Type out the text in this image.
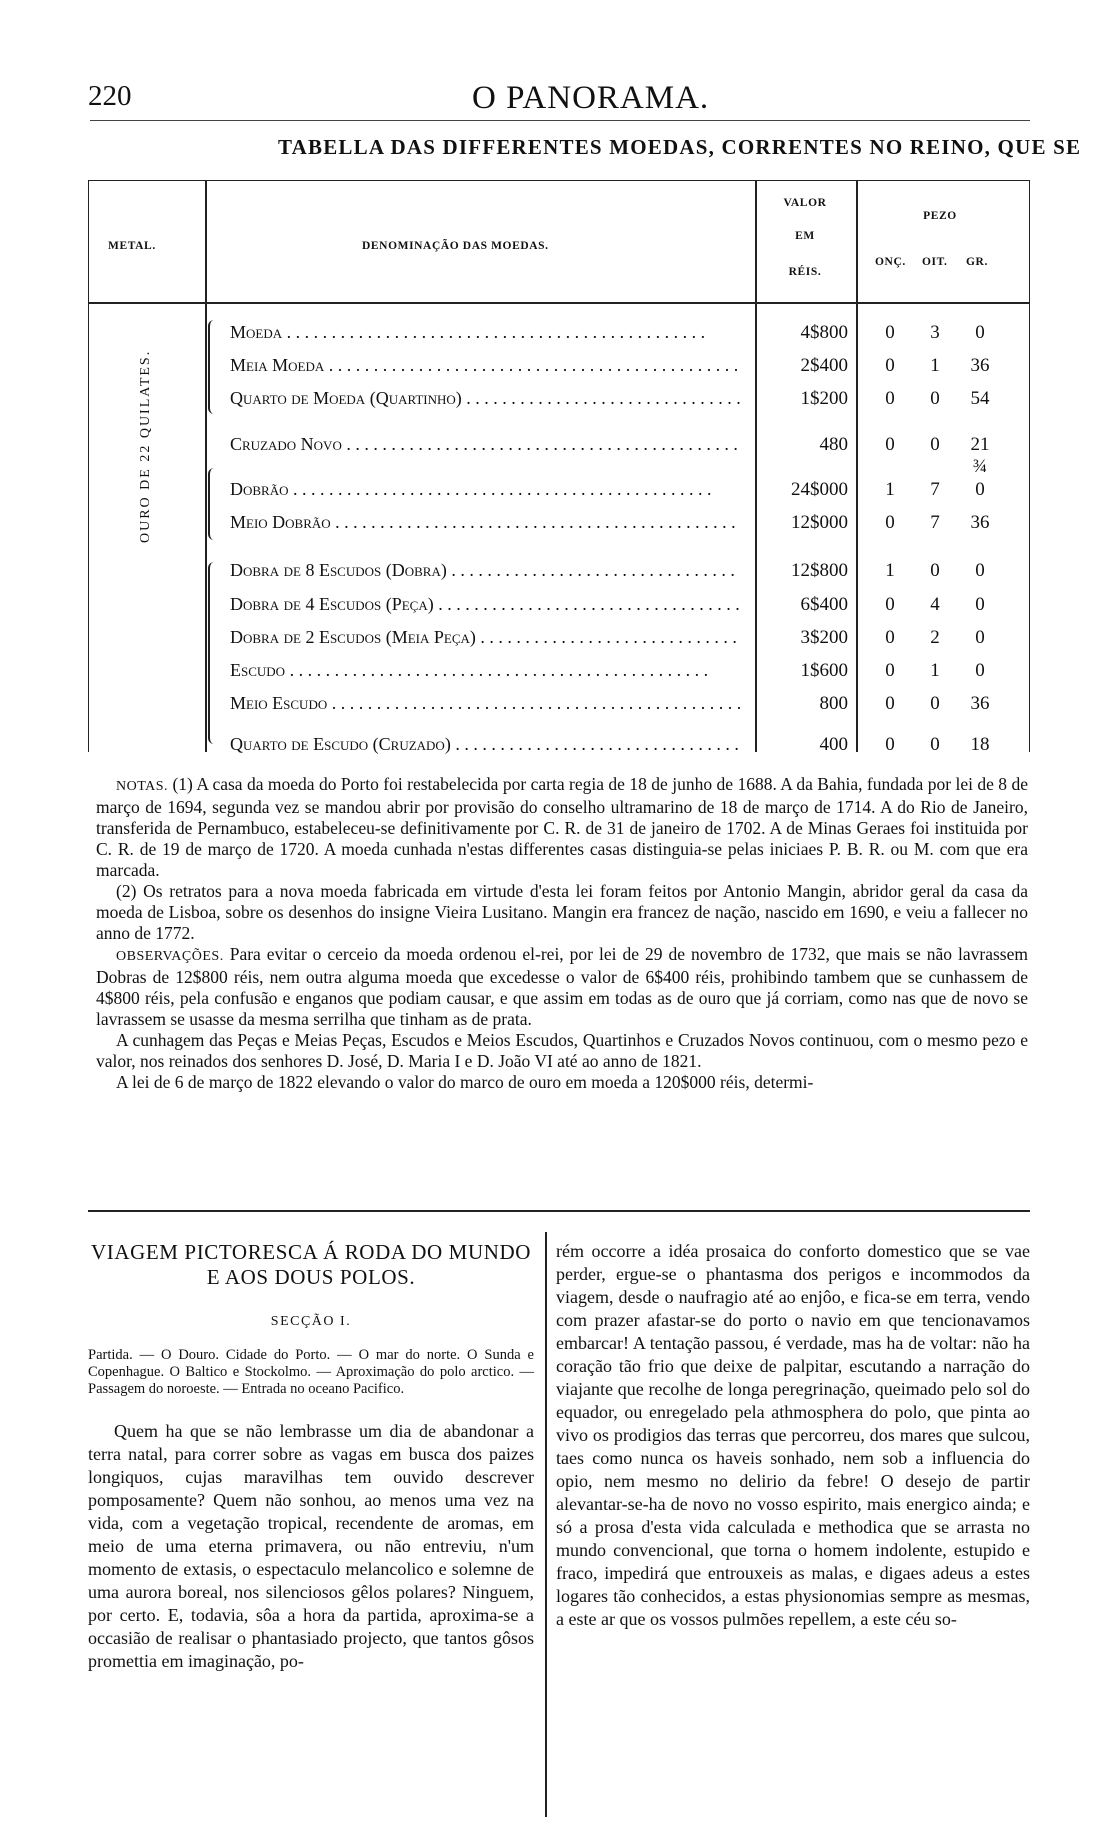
220	O PANORAMA.
TABELLA DAS DIFFERENTES MOEDAS, CORRENTES NO REINO, QUE SE
METAL.	DENOMINAÇÃO DAS MOEDAS.
VALOR
EM
RÉIS.
PEZO
ONÇ. OIT. GR.
OURO DE 22 QUILATES.
Moeda . . .	4$800 0 3	0
Meia Moeda . . .	2$400 0 1	36
Quarto de Moeda (Quartinho) . . .	1$200 0 0	54
Cruzado Novo . . .	480 0 0	21 ¾
Dobrão . . .	24$000 1 7	0
Meio Dobrão . . .	12$000 0 7	36
Dobra de 8 Escudos (Dobra) . . .	12$800 1 0	0
Dobra de 4 Escudos (Peça) . . .	6$400 0 4	0
Dobra de 2 Escudos (Meia Peça) . . .	3$200 0 2	0
Escudo . . .	1$600 0 1	0
Meio Escudo . . .	800 0 0	36
Quarto de Escudo (Cruzado) . . .	400 0 0	18

NOTAS. (1) A casa da moeda do Porto foi restabelecida por carta regia de 18 de junho de 1688. A da Bahia, fundada por lei de 8 de março de 1694, segunda vez se mandou abrir por provisão do conselho ultramarino de 18 de março de 1714. A do Rio de Janeiro, transferida de Pernambuco, estabeleceu-se definitivamente por C. R. de 31 de janeiro de 1702. A de Minas Geraes foi instituida por C. R. de 19 de março de 1720. A moeda cunhada n'estas differentes casas distinguia-se pelas iniciaes P. B. R. ou M. com que era marcada.

(2) Os retratos para a nova moeda fabricada em virtude d'esta lei foram feitos por Antonio Mangin, abridor geral da casa da moeda de Lisboa, sobre os desenhos do insigne Vieira Lusitano. Mangin era francez de nação, nascido em 1690, e veiu a fallecer no anno de 1772.

OBSERVAÇÕES. Para evitar o cerceio da moeda ordenou el-rei, por lei de 29 de novembro de 1732, que mais se não lavrassem Dobras de 12$800 réis, nem outra alguma moeda que excedesse o valor de 6$400 réis, prohibindo tambem que se cunhassem de 4$800 réis, pela confusão e enganos que podiam causar, e que assim em todas as de ouro que já corriam, como nas que de novo se lavrassem se usasse da mesma serrilha que tinham as de prata.

A cunhagem das Peças e Meias Peças, Escudos e Meios Escudos, Quartinhos e Cruzados Novos continuou, com o mesmo pezo e valor, nos reinados dos senhores D. José, D. Maria I e D. João VI até ao anno de 1821.

A lei de 6 de março de 1822 elevando o valor do marco de ouro em moeda a 120$000 réis, determi-

VIAGEM PICTORESCA Á RODA DO MUNDO E AOS DOUS POLOS.
SECÇÃO I.
Partida. — O Douro. Cidade do Porto. — O mar do norte. O Sunda e Copenhague. O Baltico e Stockolmo. — Aproximação do polo arctico. — Passagem do noroeste. — Entrada no oceano Pacifico.

Quem ha que se não lembrasse um dia de abandonar a terra natal, para correr sobre as vagas em busca dos paizes longiquos, cujas maravilhas tem ouvido descrever pomposamente? Quem não sonhou, ao menos uma vez na vida, com a vegetação tropical, recendente de aromas, em meio de uma eterna primavera, ou não entreviu, n'um momento de extasis, o espectaculo melancolico e solemne de uma aurora boreal, nos silenciosos gêlos polares? Ninguem, por certo. E, todavia, sôa a hora da partida, aproxima-se a occasião de realisar o phantasiado projecto, que tantos gôsos promettia em imaginação, po-

rém occorre a idéa prosaica do conforto domestico que se vae perder, ergue-se o phantasma dos perigos e incommodos da viagem, desde o naufragio até ao enjôo, e fica-se em terra, vendo com prazer afastar-se do porto o navio em que tencionavamos embarcar! A tentação passou, é verdade, mas ha de voltar: não ha coração tão frio que deixe de palpitar, escutando a narração do viajante que recolhe de longa peregrinação, queimado pelo sol do equador, ou enregelado pela athmosphera do polo, que pinta ao vivo os prodigios das terras que percorreu, dos mares que sulcou, taes como nunca os haveis sonhado, nem sob a influencia do opio, nem mesmo no delirio da febre! O desejo de partir alevantar-se-ha de novo no vosso espirito, mais energico ainda; e só a prosa d'esta vida calculada e methodica que se arrasta no mundo convencional, que torna o homem indolente, estupido e fraco, impedirá que entrouxeis as malas, e digaes adeus a estes logares tão conhecidos, a estas physionomias sempre as mesmas, a este ar que os vossos pulmões repellem, a este céu so-
